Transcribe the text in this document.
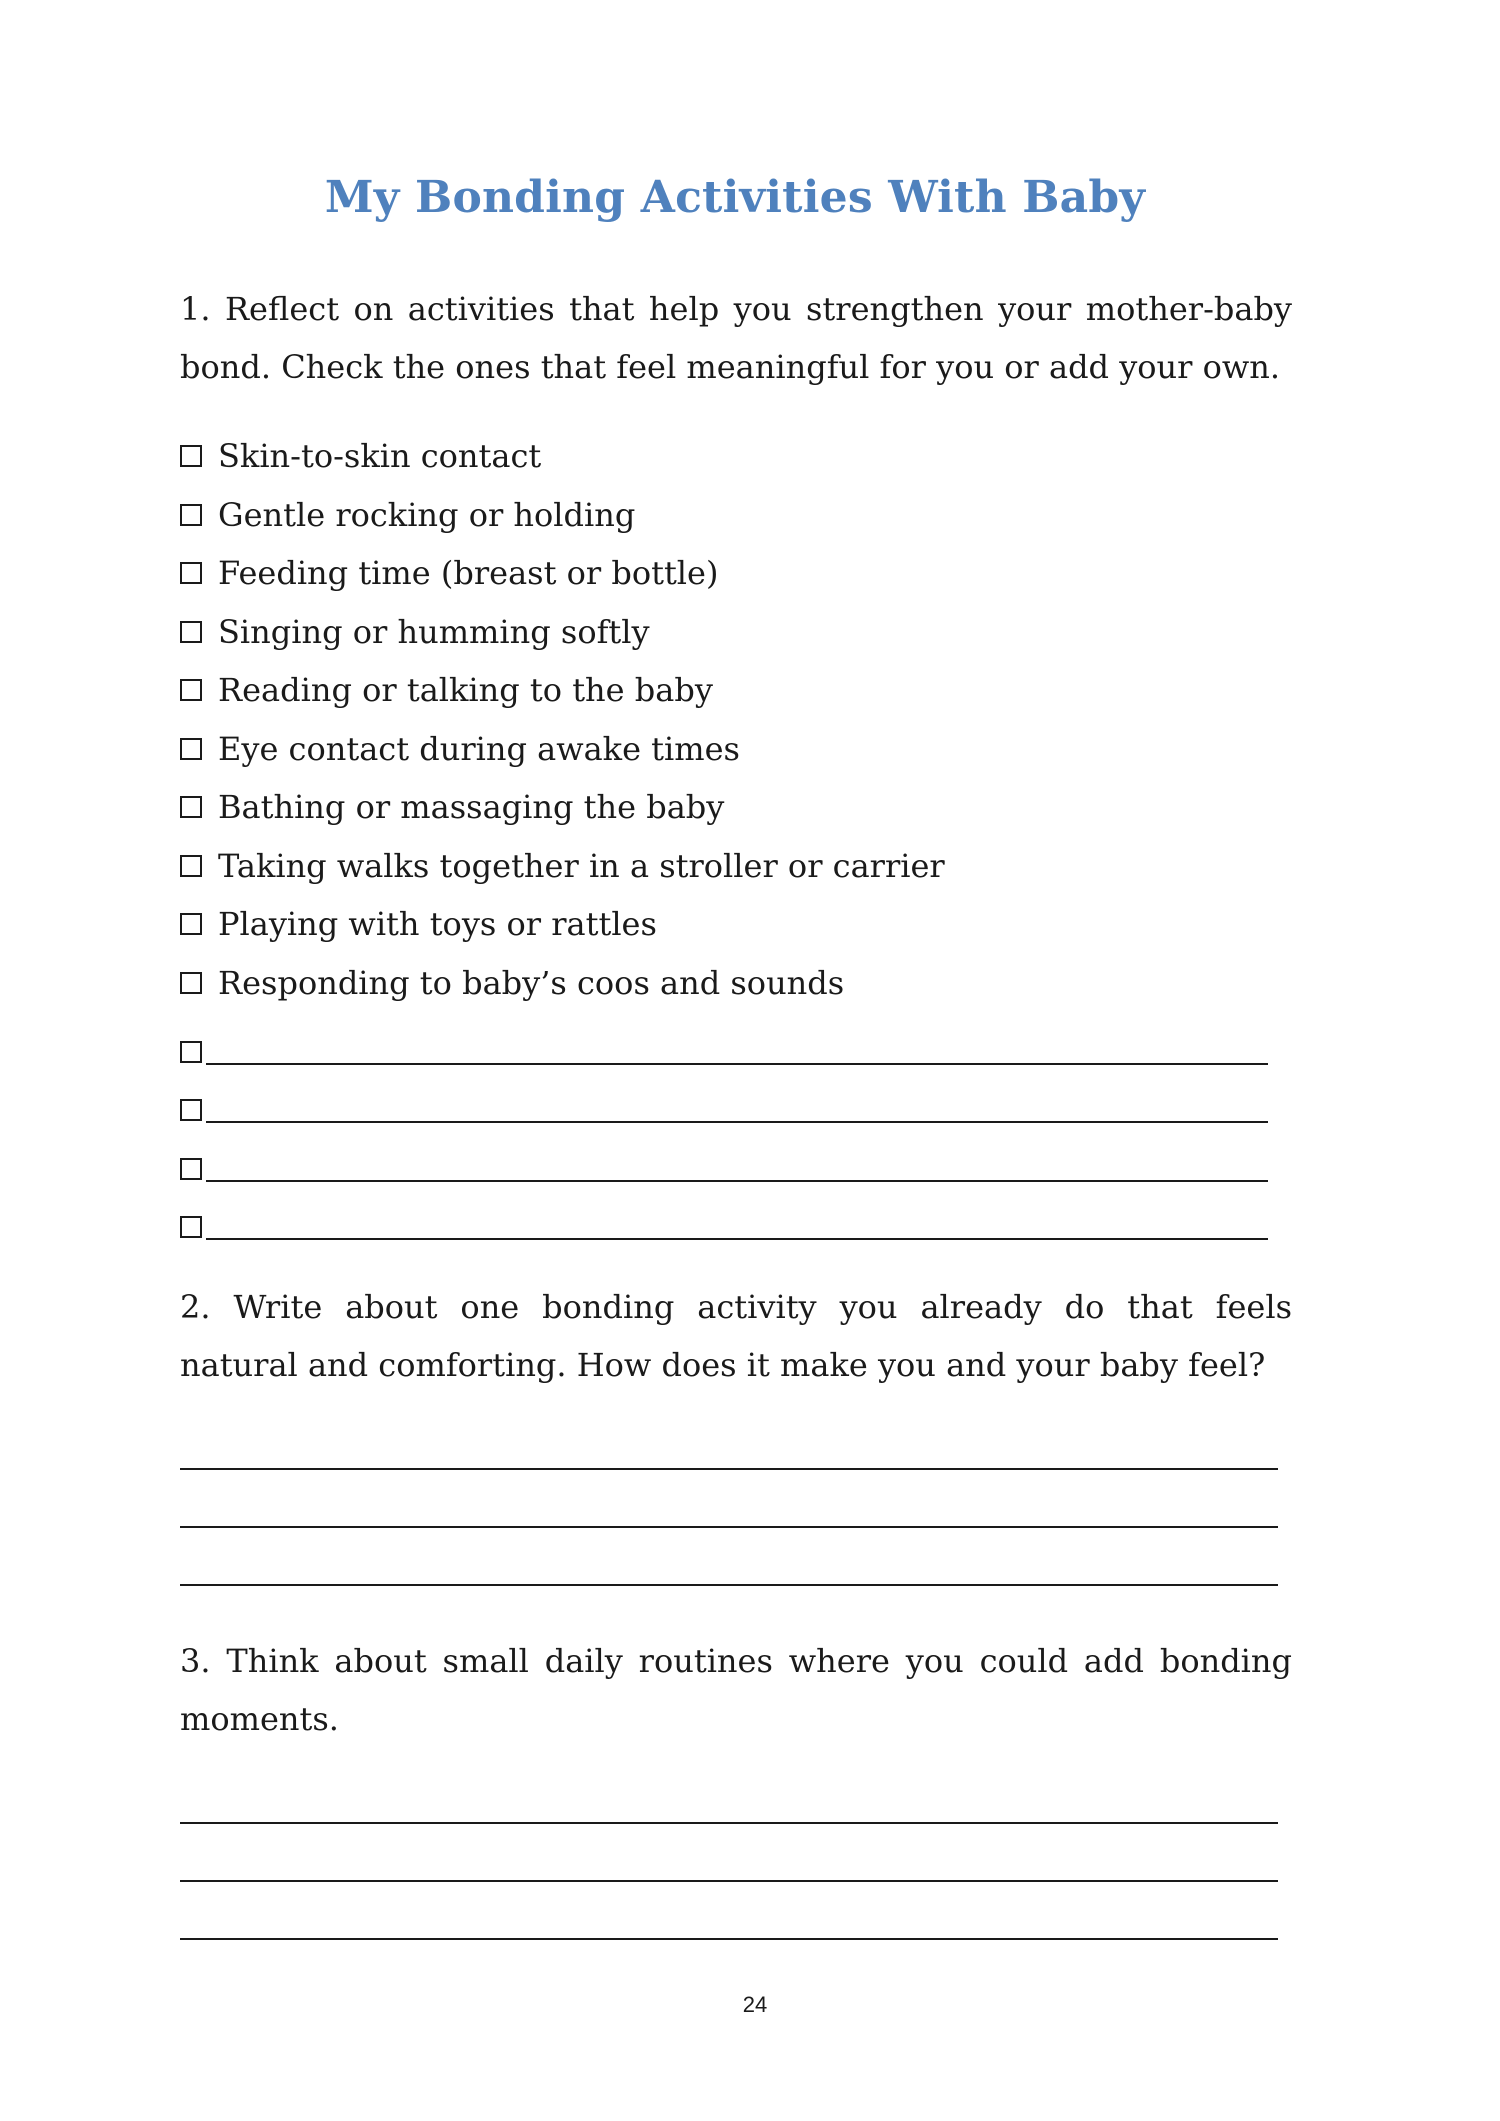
My Bonding Activities With Baby
1. Reflect on activities that help you strengthen your mother-baby bond. Check the ones that feel meaningful for you or add your own.
Skin-to-skin contact
Gentle rocking or holding
Feeding time (breast or bottle)
Singing or humming softly
Reading or talking to the baby
Eye contact during awake times
Bathing or massaging the baby
Taking walks together in a stroller or carrier
Playing with toys or rattles
Responding to baby’s coos and sounds
2. Write about one bonding activity you already do that feels natural and comforting. How does it make you and your baby feel?
3. Think about small daily routines where you could add bonding moments.
24
